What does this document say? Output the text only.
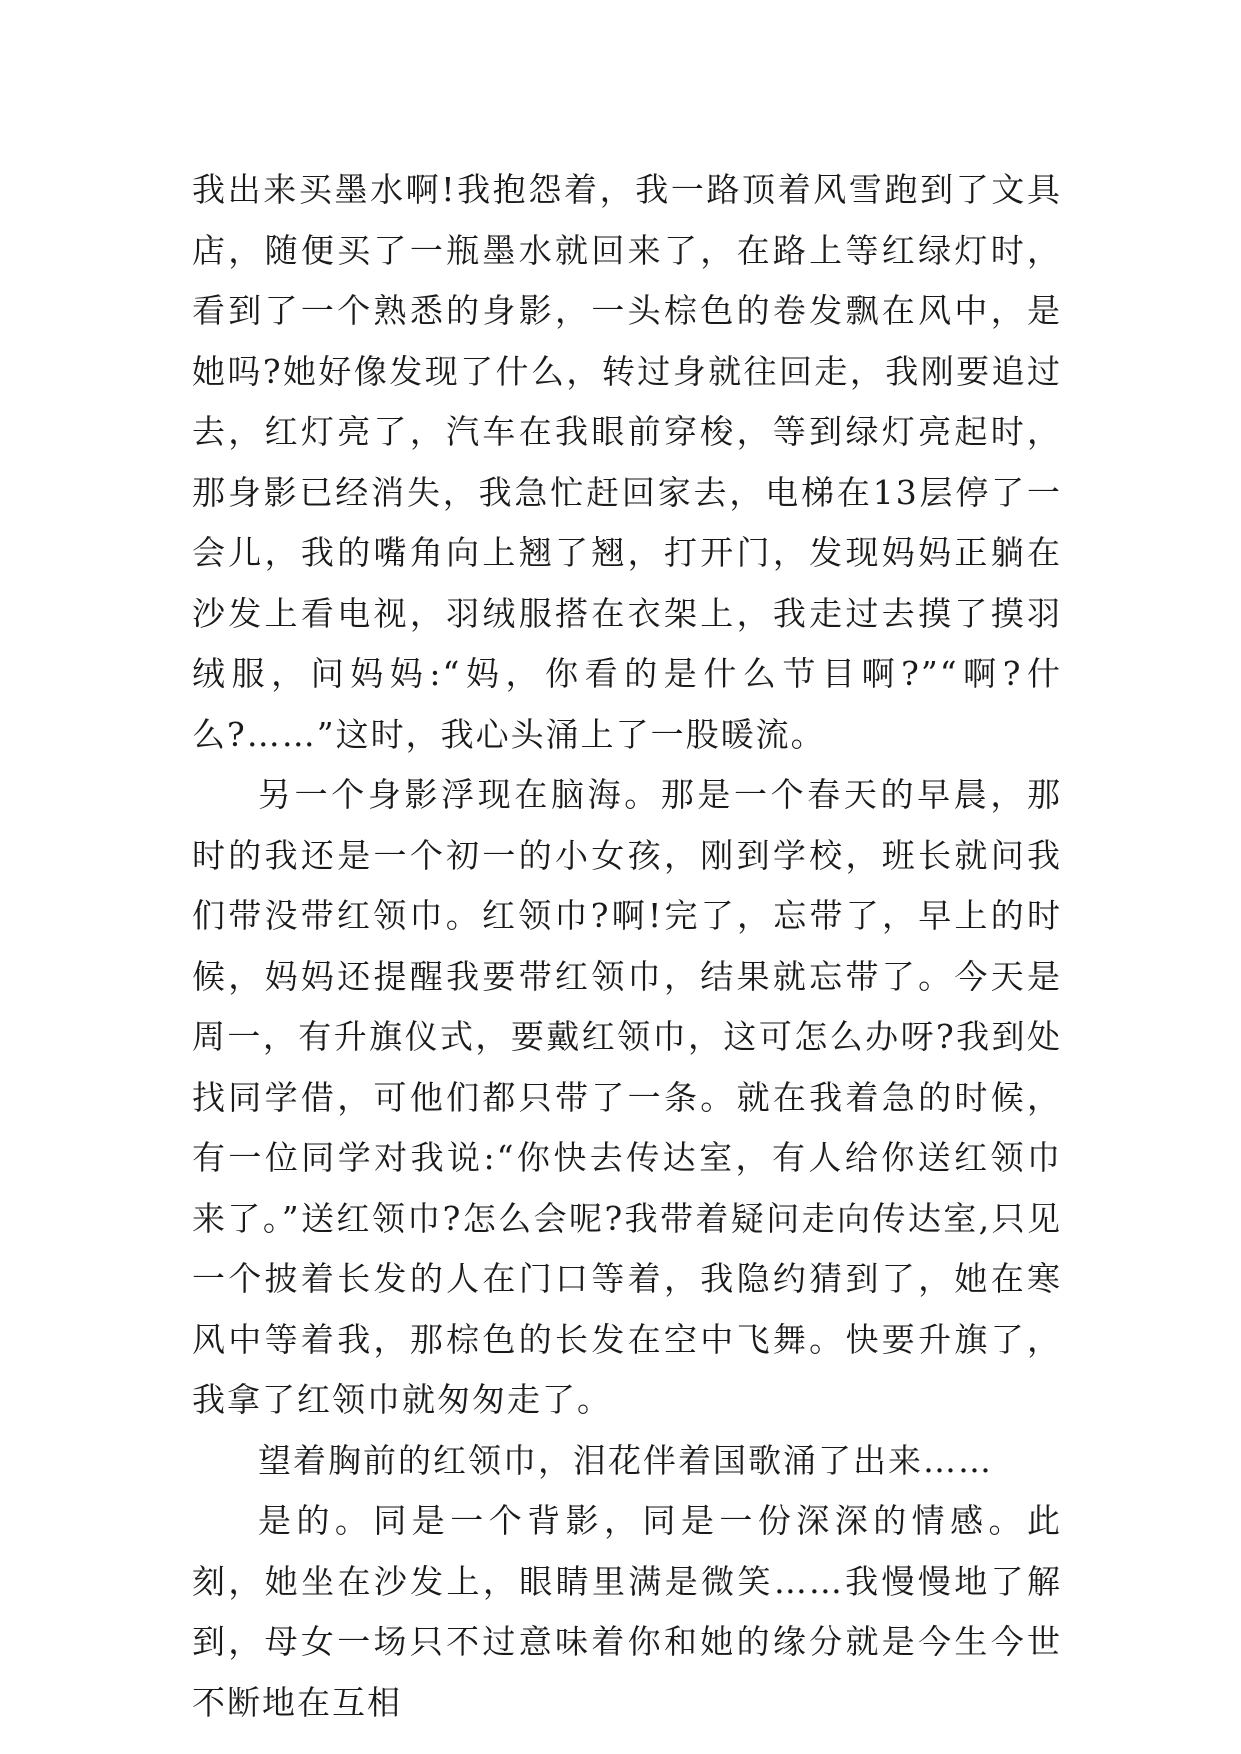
我出来买墨水啊!我抱怨着，我一路顶着风雪跑到了文具店，随便买了一瓶墨水就回来了，在路上等红绿灯时，看到了一个熟悉的身影，一头棕色的卷发飘在风中，是她吗?她好像发现了什么，转过身就往回走，我刚要追过去，红灯亮了，汽车在我眼前穿梭，等到绿灯亮起时，那身影已经消失，我急忙赶回家去，电梯在13层停了一会儿，我的嘴角向上翘了翘，打开门，发现妈妈正躺在沙发上看电视，羽绒服搭在衣架上，我走过去摸了摸羽绒服，问妈妈:“妈，你看的是什么节目啊?”“啊?什么?……”这时，我心头涌上了一股暖流。

另一个身影浮现在脑海。那是一个春天的早晨，那时的我还是一个初一的小女孩，刚到学校，班长就问我们带没带红领巾。红领巾?啊!完了，忘带了，早上的时候，妈妈还提醒我要带红领巾，结果就忘带了。今天是周一，有升旗仪式，要戴红领巾，这可怎么办呀?我到处找同学借，可他们都只带了一条。就在我着急的时候，有一位同学对我说:“你快去传达室，有人给你送红领巾来了。”送红领巾?怎么会呢?我带着疑问走向传达室,只见一个披着长发的人在门口等着，我隐约猜到了，她在寒风中等着我，那棕色的长发在空中飞舞。快要升旗了，我拿了红领巾就匆匆走了。

望着胸前的红领巾，泪花伴着国歌涌了出来……

是的。同是一个背影，同是一份深深的情感。此刻，她坐在沙发上，眼睛里满是微笑……我慢慢地了解到，母女一场只不过意味着你和她的缘分就是今生今世不断地在互相
